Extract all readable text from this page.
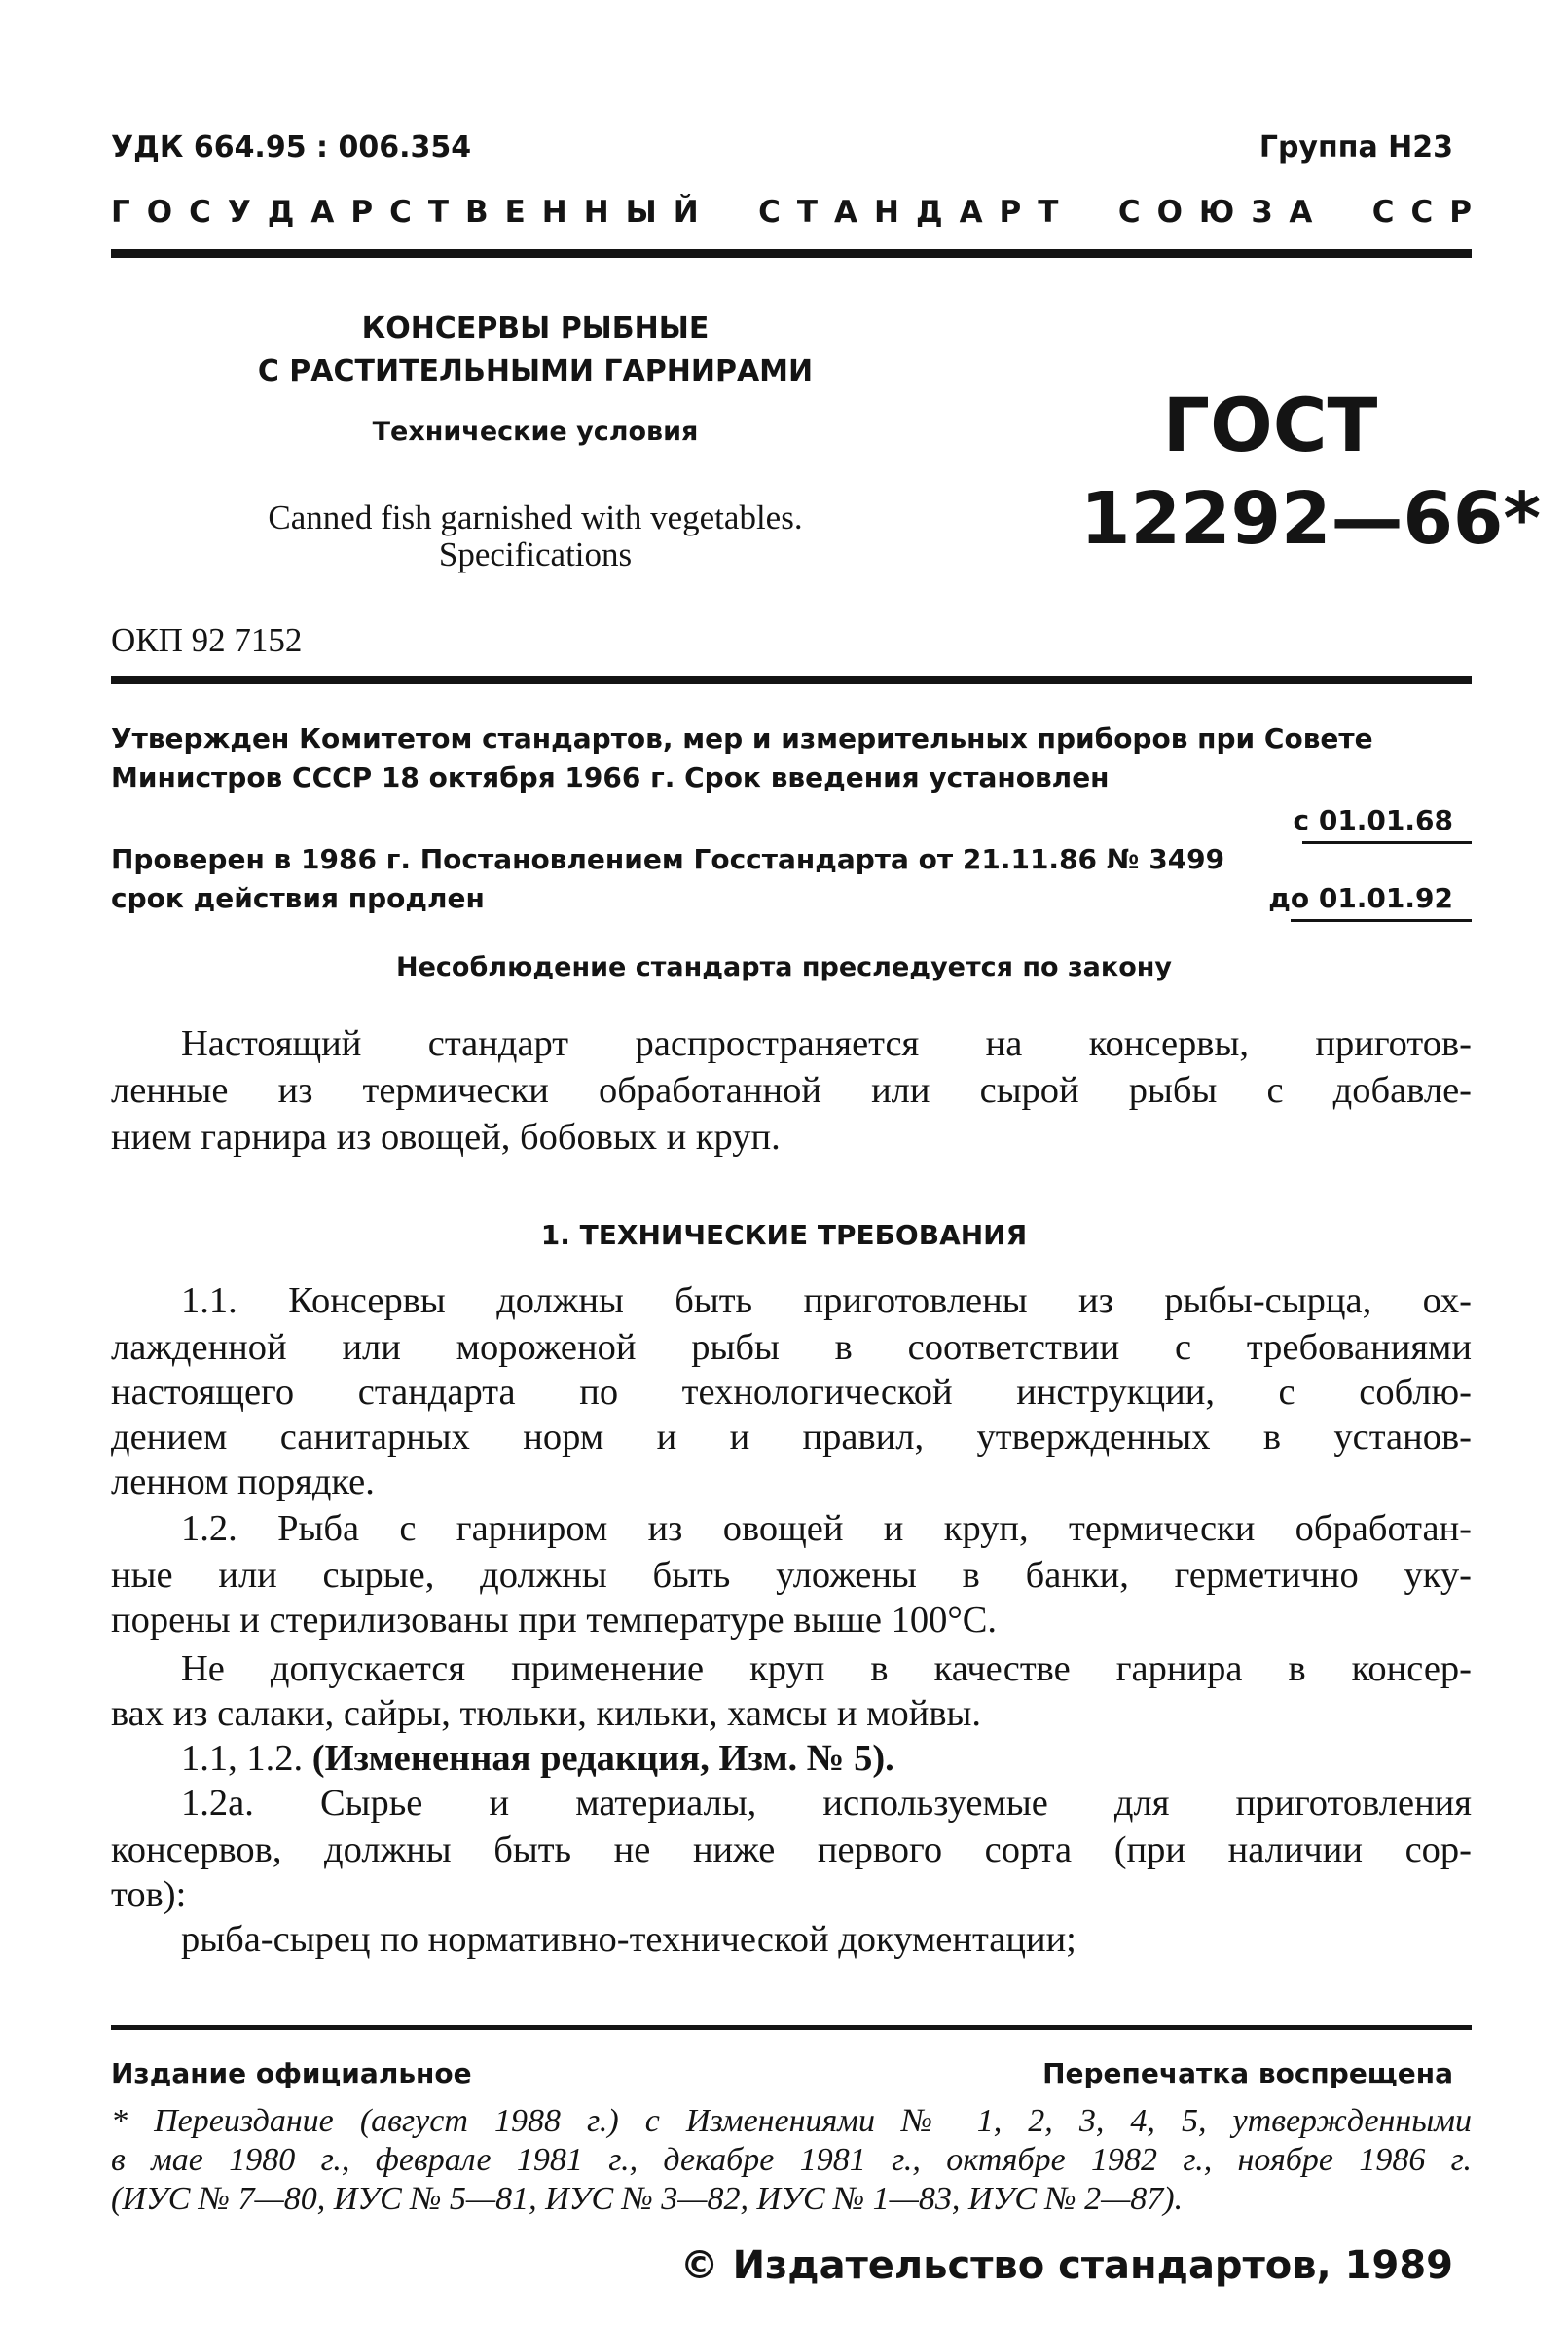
УДК 664.95 : 006.354	Группа Н23
ГОСУДАРСТВЕННЫЙ СТАНДАРТ СОЮЗА ССР
КОНСЕРВЫ РЫБНЫЕ
С РАСТИТЕЛЬНЫМИ ГАРНИРАМИ
Технические условия
Canned fish garnished with vegetables.
Specifications
ГОСТ
12292—66*
ОКП 92 7152
Утвержден Комитетом стандартов, мер и измерительных приборов при Совете
Министров СССР 18 октября 1966 г. Срок введения установлен
с 01.01.68
Проверен в 1986 г. Постановлением Госстандарта от 21.11.86 № 3499
срок действия продлен	до 01.01.92
Несоблюдение стандарта преследуется по закону
Настоящий стандарт распространяется на консервы, приготов-
ленные из термически обработанной или сырой рыбы с добавле-
нием гарнира из овощей, бобовых и круп.
1. ТЕХНИЧЕСКИЕ ТРЕБОВАНИЯ
1.1. Консервы должны быть приготовлены из рыбы-сырца, ох-
лажденной или мороженой рыбы в соответствии с требованиями
настоящего стандарта по технологической инструкции, с соблю-
дением санитарных норм и и правил, утвержденных в установ-
ленном порядке.
1.2. Рыба с гарниром из овощей и круп, термически обработан-
ные или сырые, должны быть уложены в банки, герметично уку-
порены и стерилизованы при температуре выше 100°С.
Не допускается применение круп в качестве гарнира в консер-
вах из салаки, сайры, тюльки, кильки, хамсы и мойвы.
1.1, 1.2. (Измененная редакция, Изм. № 5).
1.2а. Сырье и материалы, используемые для приготовления
консервов, должны быть не ниже первого сорта (при наличии сор-
тов):
рыба-сырец по нормативно-технической документации;
Издание официальное	Перепечатка воспрещена
* Переиздание (август 1988 г.) с Изменениями № 1, 2, 3, 4, 5, утвержденными
в мае 1980 г., феврале 1981 г., декабре 1981 г., октябре 1982 г., ноябре 1986 г.
(ИУС № 7—80, ИУС № 5—81, ИУС № 3—82, ИУС № 1—83, ИУС № 2—87).
© Издательство стандартов, 1989
